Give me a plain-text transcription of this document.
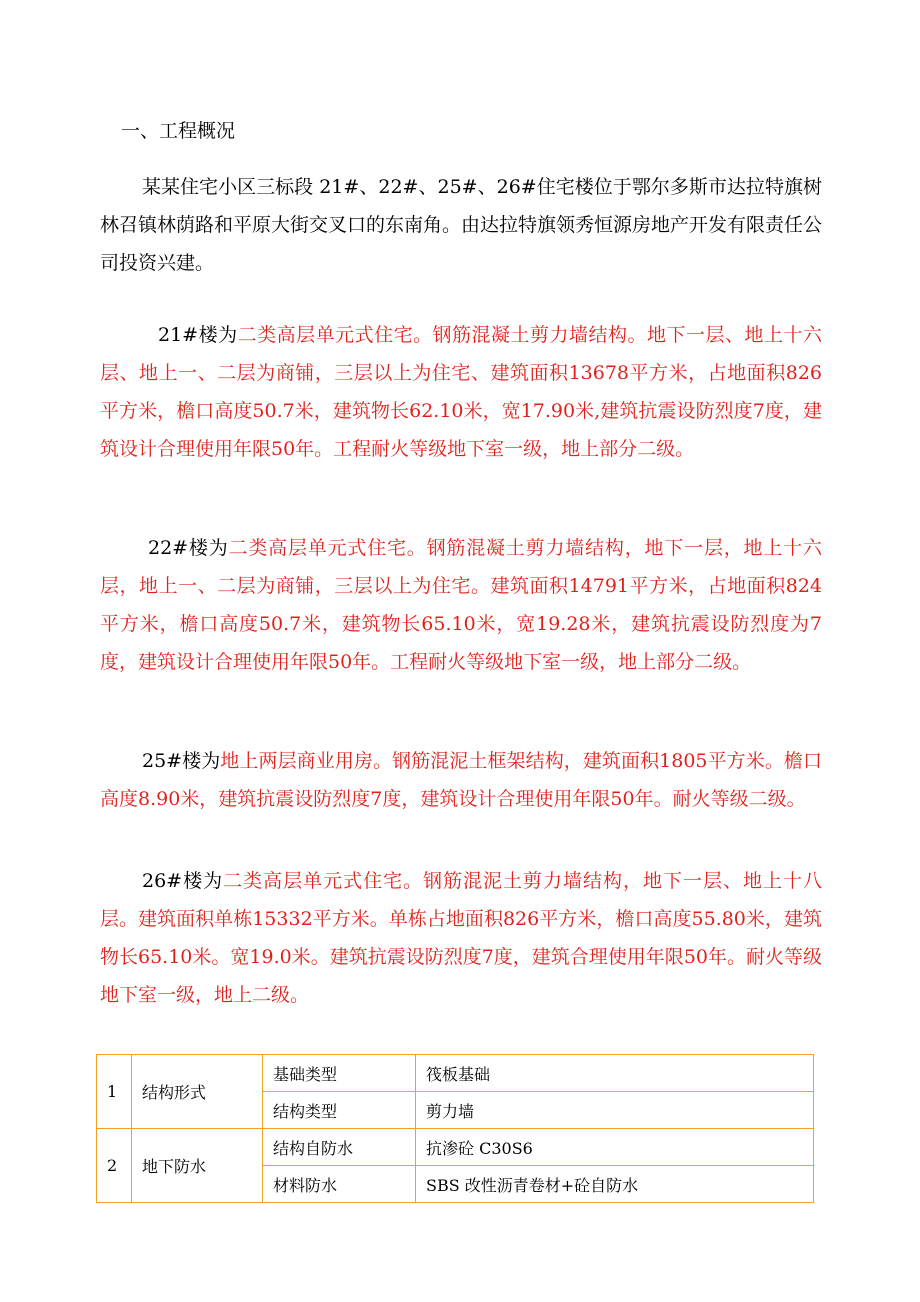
一、工程概况

某某住宅小区三标段 21#、22#、25#、26#住宅楼位于鄂尔多斯市达拉特旗树林召镇林荫路和平原大街交叉口的东南角。由达拉特旗领秀恒源房地产开发有限责任公司投资兴建。

21#楼为二类高层单元式住宅。钢筋混凝土剪力墙结构。地下一层、地上十六层、地上一、二层为商铺，三层以上为住宅、建筑面积13678平方米，占地面积826平方米，檐口高度50.7米，建筑物长62.10米，宽17.90米,建筑抗震设防烈度7度，建筑设计合理使用年限50年。工程耐火等级地下室一级，地上部分二级。

22#楼为二类高层单元式住宅。钢筋混凝土剪力墙结构，地下一层，地上十六层，地上一、二层为商铺，三层以上为住宅。建筑面积14791平方米，占地面积824平方米，檐口高度50.7米，建筑物长65.10米，宽19.28米，建筑抗震设防烈度为7度，建筑设计合理使用年限50年。工程耐火等级地下室一级，地上部分二级。

25#楼为地上两层商业用房。钢筋混泥土框架结构，建筑面积1805平方米。檐口高度8.90米，建筑抗震设防烈度7度，建筑设计合理使用年限50年。耐火等级二级。

26#楼为二类高层单元式住宅。钢筋混泥土剪力墙结构，地下一层、地上十八层。建筑面积单栋15332平方米。单栋占地面积826平方米，檐口高度55.80米，建筑物长65.10米。宽19.0米。建筑抗震设防烈度7度，建筑合理使用年限50年。耐火等级地下室一级，地上二级。

1	结构形式	基础类型	筏板基础
		结构类型	剪力墙
2	地下防水	结构自防水	抗渗砼 C30S6
		材料防水	SBS 改性沥青卷材+砼自防水
